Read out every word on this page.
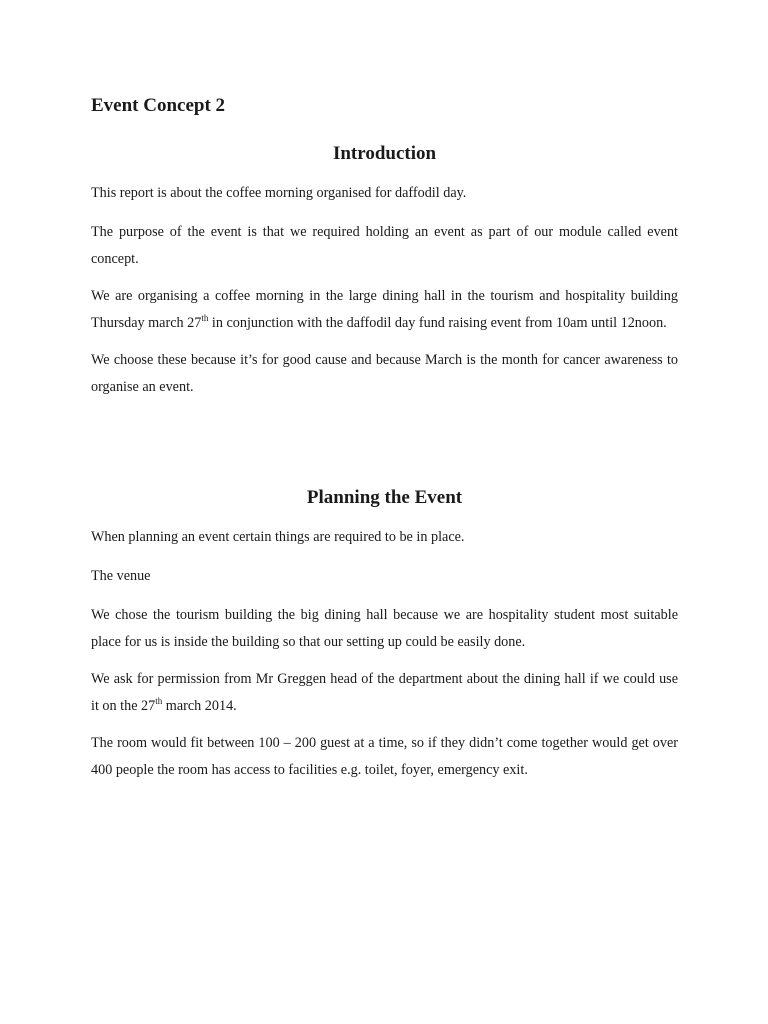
Event Concept 2
Introduction

This report is about the coffee morning organised for daffodil day.

The purpose of the event is that we required holding an event as part of our module called event concept.

We are organising a coffee morning in the large dining hall in the tourism and hospitality building Thursday march 27th in conjunction with the daffodil day fund raising event from 10am until 12noon.

We choose these because it’s for good cause and because March is the month for cancer awareness to organise an event.

Planning the Event

When planning an event certain things are required to be in place.

The venue

We chose the tourism building the big dining hall because we are hospitality student most suitable place for us is inside the building so that our setting up could be easily done.

We ask for permission from Mr Greggen head of the department about the dining hall if we could use it on the 27th march 2014.

The room would fit between 100 – 200 guest at a time, so if they didn’t come together would get over 400 people the room has access to facilities e.g. toilet, foyer, emergency exit.
